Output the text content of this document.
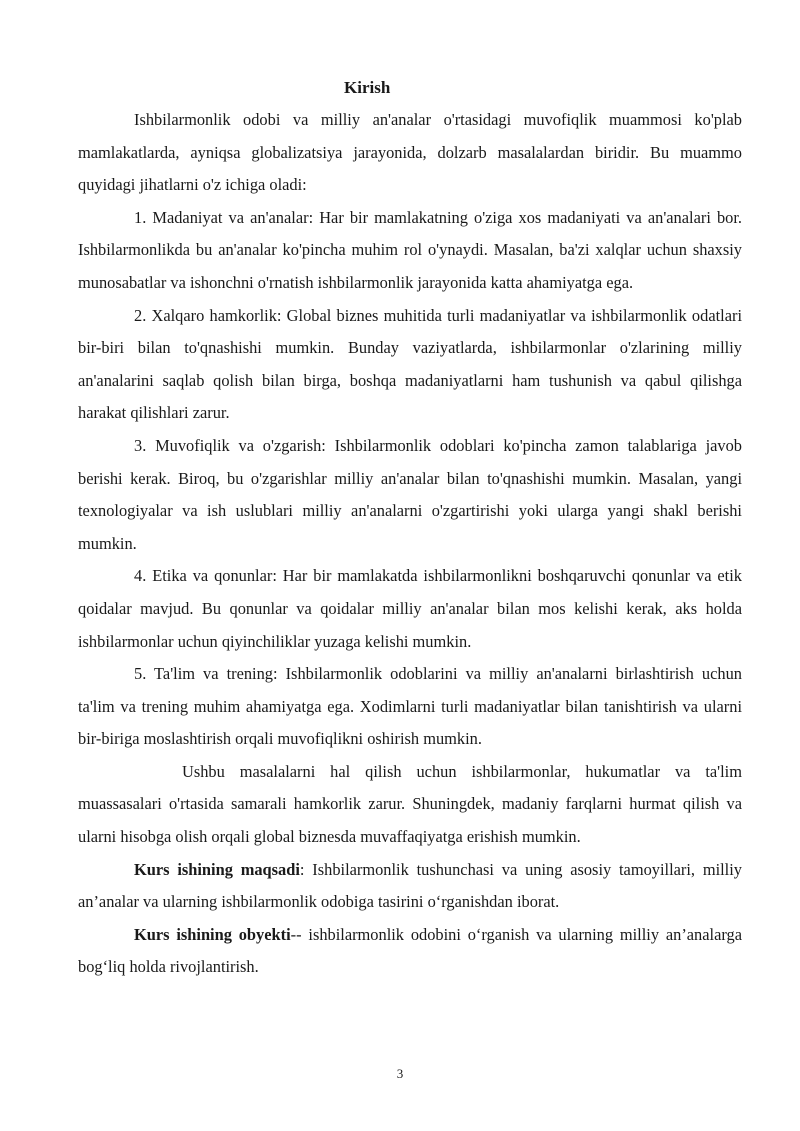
Kirish

Ishbilarmonlik odobi va milliy an'analar o'rtasidagi muvofiqlik muammosi ko'plab mamlakatlarda, ayniqsa globalizatsiya jarayonida, dolzarb masalalardan biridir. Bu muammo quyidagi jihatlarni o'z ichiga oladi:

1. Madaniyat va an'analar: Har bir mamlakatning o'ziga xos madaniyati va an'analari bor. Ishbilarmonlikda bu an'analar ko'pincha muhim rol o'ynaydi. Masalan, ba'zi xalqlar uchun shaxsiy munosabatlar va ishonchni o'rnatish ishbilarmonlik jarayonida katta ahamiyatga ega.

2. Xalqaro hamkorlik: Global biznes muhitida turli madaniyatlar va ishbilarmonlik odatlari bir-biri bilan to'qnashishi mumkin. Bunday vaziyatlarda, ishbilarmonlar o'zlarining milliy an'analarini saqlab qolish bilan birga, boshqa madaniyatlarni ham tushunish va qabul qilishga harakat qilishlari zarur.

3. Muvofiqlik va o'zgarish: Ishbilarmonlik odoblari ko'pincha zamon talablariga javob berishi kerak. Biroq, bu o'zgarishlar milliy an'analar bilan to'qnashishi mumkin. Masalan, yangi texnologiyalar va ish uslublari milliy an'analarni o'zgartirishi yoki ularga yangi shakl berishi mumkin.

4. Etika va qonunlar: Har bir mamlakatda ishbilarmonlikni boshqaruvchi qonunlar va etik qoidalar mavjud. Bu qonunlar va qoidalar milliy an'analar bilan mos kelishi kerak, aks holda ishbilarmonlar uchun qiyinchiliklar yuzaga kelishi mumkin.

5. Ta'lim va trening: Ishbilarmonlik odoblarini va milliy an'analarni birlashtirish uchun ta'lim va trening muhim ahamiyatga ega. Xodimlarni turli madaniyatlar bilan tanishtirish va ularni bir-biriga moslashtirish orqali muvofiqlikni oshirish mumkin.

Ushbu masalalarni hal qilish uchun ishbilarmonlar, hukumatlar va ta'lim muassasalari o'rtasida samarali hamkorlik zarur. Shuningdek, madaniy farqlarni hurmat qilish va ularni hisobga olish orqali global biznesda muvaffaqiyatga erishish mumkin.

Kurs ishining maqsadi: Ishbilarmonlik tushunchasi va uning asosiy tamoyillari, milliy an’analar va ularning ishbilarmonlik odobiga tasirini o‘rganishdan iborat.

Kurs ishining obyekti-- ishbilarmonlik odobini o‘rganish va ularning milliy an’analarga bog‘liq holda rivojlantirish.

3
